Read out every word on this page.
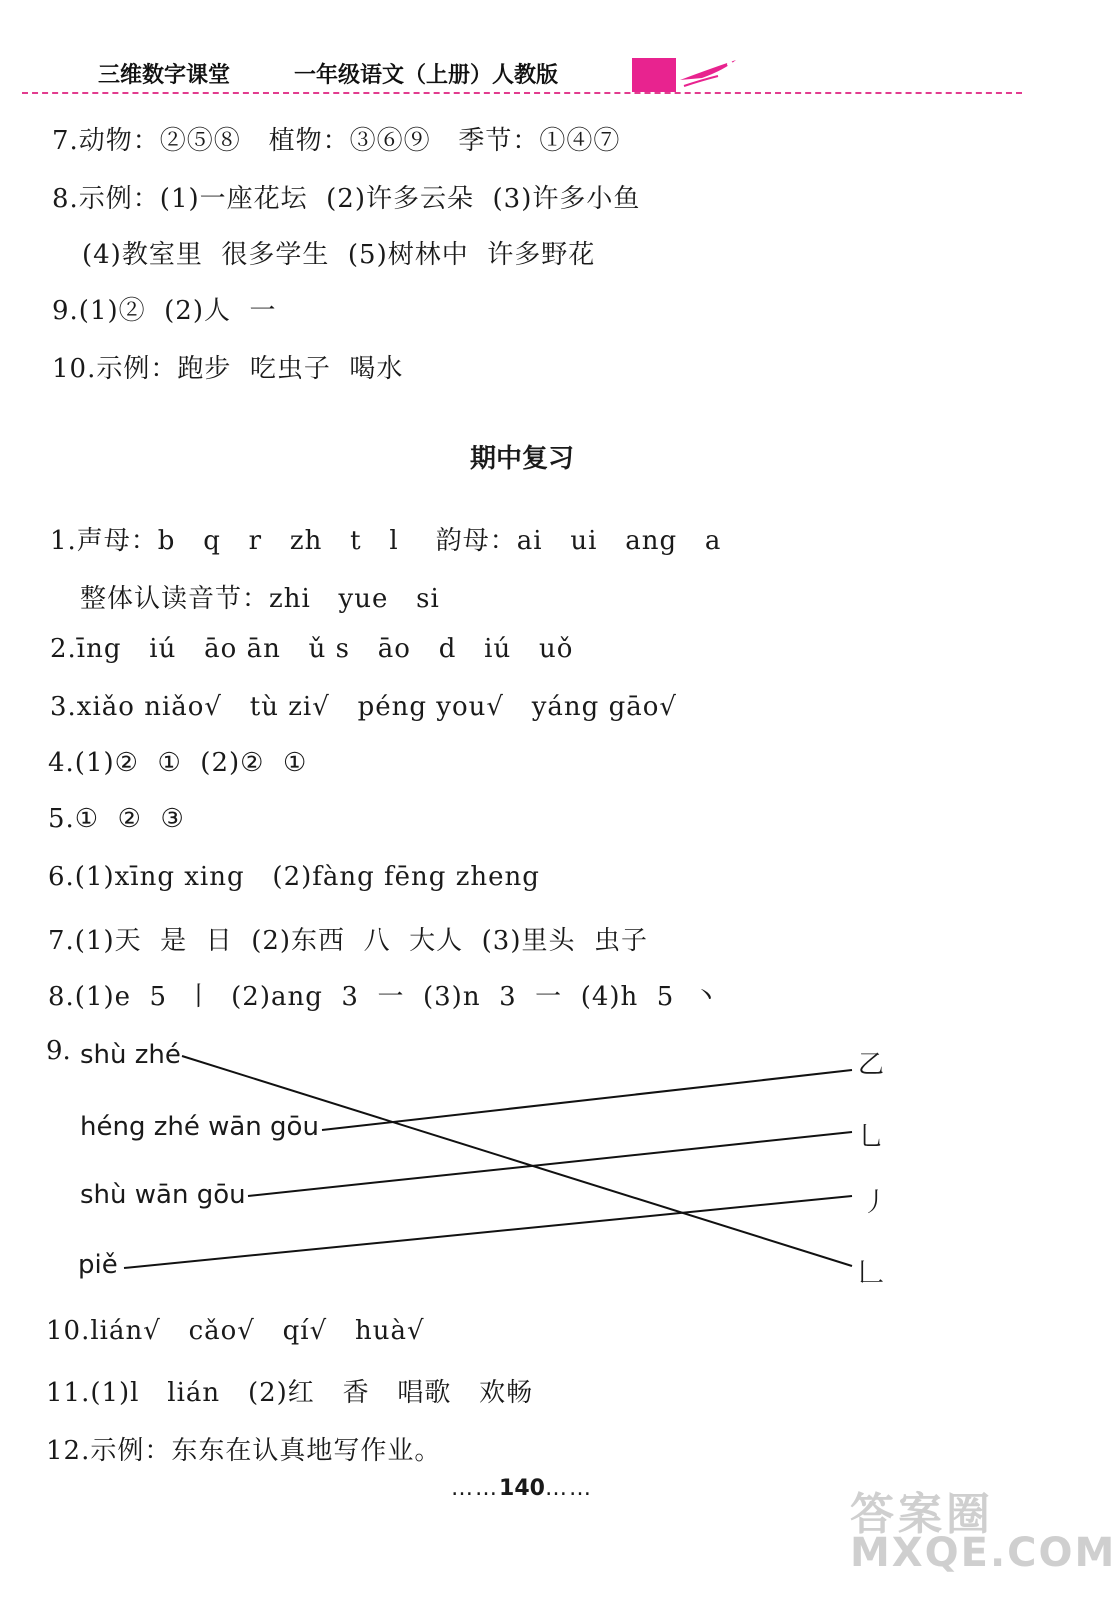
三维数字课堂	一年级语文（上册）人教版
7.动物：②⑤⑧   植物：③⑥⑨   季节：①④⑦
8.示例：(1)一座花坛  (2)许多云朵  (3)许多小鱼
(4)教室里  很多学生  (5)树林中  许多野花
9.(1)②  (2)人  一
10.示例：跑步  吃虫子  喝水
期中复习
1.声母：b   q   r   zh   t   l    韵母：ai   ui   ang   a
整体认读音节：zhi   yue   si
2.īng   iú   āo ān   ǔ s   āo   d   iú   uǒ
3.xiǎo niǎo√   tù zi√   péng you√   yáng gāo√
4.(1)②  ①  (2)②  ①
5.①  ②  ③
6.(1)xīng xing   (2)fàng fēng zheng
7.(1)天  是  日  (2)东西  八  大人  (3)里头  虫子
8.(1)e  5  丨  (2)ang  3  一  (3)n  3  一  (4)h  5  丶
9. shù zhé
héng zhé wān gōu
shù wān gōu
piě
乙
乚
丿
𠃊
10.lián√   cǎo√   qí√   huà√
11.(1)l   lián   (2)红   香   唱歌   欢畅
12.示例：东东在认真地写作业。
……140……
答案圈
MXQE.COM
